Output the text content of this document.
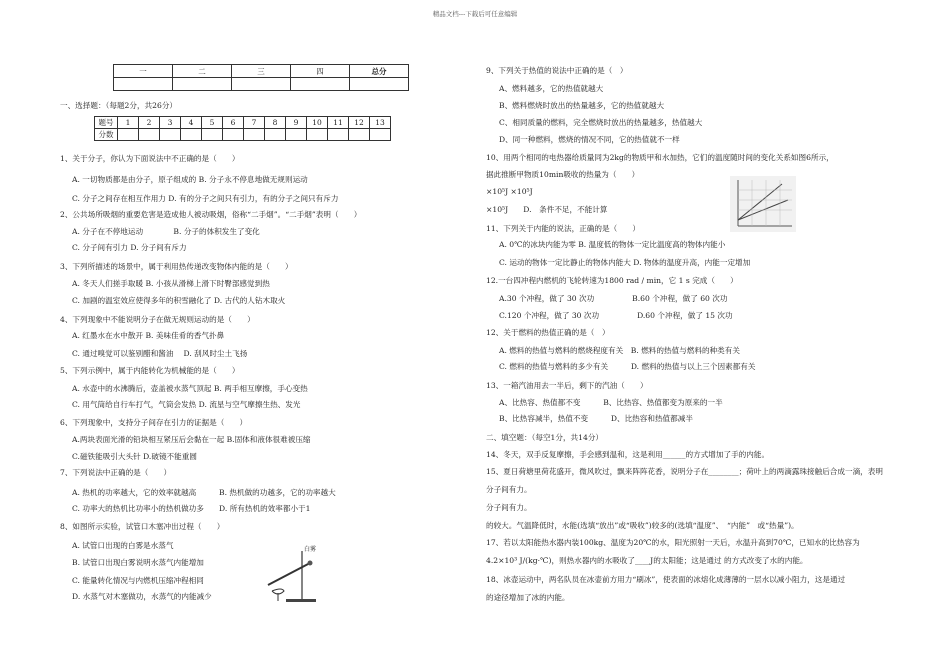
精品文档---下载后可任意编辑
一	二	三	四	总分

一、选择题：（每题2分，共26分）
题号	1	2	3	4	5	6	7	8	9	10	11	12	13
分数													
1、关于分子，你认为下面说法中不正确的是（　　）
A. 一切物质都是由分子，原子组成的 B. 分子永不停息地做无规则运动
C. 分子之间存在相互作用力 D. 有的分子之间只有引力，有的分子之间只有斥力
2、公共场所吸烟的重要危害是造成他人被动吸烟，俗称“二手烟”。“二手烟”表明（　　）
A. 分子在不停地运动　　　　B. 分子的体积发生了变化
C. 分子间有引力 D. 分子间有斥力
3、下列所描述的场景中，属于利用热传递改变物体内能的是（　　）
A. 冬天人们搓手取暖 B. 小孩从滑梯上滑下时臀部感觉到热
C. 加剧的温室效应使得多年的积雪融化了 D. 古代的人钻木取火
4、下列现象中不能说明分子在做无规则运动的是（　　）
A. 红墨水在水中散开 B. 美味佳肴的香气扑鼻
C. 通过嗅觉可以鉴别醋和酱油　 D. 刮风时尘土飞扬
5、下列示例中，属于内能转化为机械能的是（　　）
A. 水壶中的水沸腾后，壶盖被水蒸气顶起 B. 两手相互摩擦，手心变热
C. 用气筒给自行车打气，气筒会发热 D. 流星与空气摩擦生热、发光
6、下列现象中，支持分子间存在引力的证据是（　　）
A.两块表面光滑的铅块相互紧压后会黏在一起 B.固体和液体很难被压缩
C.磁铁能吸引大头针 D.破镜不能重圆
7、下列说法中正确的是（　　）
A. 热机的功率越大，它的效率就越高　　　B. 热机做的功越多，它的功率越大
C. 功率大的热机比功率小的热机做功多　　D. 所有热机的效率都小于1
8、如图所示实验，试管口木塞冲出过程（　　）
A. 试管口出现的白雾是水蒸气
B. 试管口出现白雾说明水蒸气内能增加
C. 能量转化情况与内燃机压缩冲程相同
D. 水蒸气对木塞做功，水蒸气的内能减少
白雾
9、下列关于热值的说法中正确的是（　）
A、燃料越多，它的热值就越大
B、燃料燃烧时放出的热量越多，它的热值就越大
C、相同质量的燃料，完全燃烧时放出的热量越多，热值越大
D、同一种燃料，燃烧的情况不同，它的热值就不一样
10、用两个相同的电热器给质量同为2kg的物质甲和水加热，它们的温度随时间的变化关系如图6所示，
据此推断甲物质10min吸收的热量为（　　）
×10⁵J ×10⁵J
×10⁵J　　D.　条件不足，不能计算
11、下列关于内能的说法，正确的是（　　）
A. 0℃的冰块内能为零 B. 温度低的物体一定比温度高的物体内能小
C. 运动的物体一定比静止的物体内能大 D. 物体的温度升高，内能一定增加
12.一台四冲程内燃机的飞轮转速为1800 rad / min，它 1 s 完成（　　）
A.30 个冲程，做了 30 次功　　　　　B.60 个冲程，做了 60 次功
C.120 个冲程，做了 30 次功　　　　　D.60 个冲程，做了 15 次功
12、关于燃料的热值正确的是（　）
A. 燃料的热值与燃料的燃烧程度有关　B. 燃料的热值与燃料的种类有关
C. 燃料的热值与燃料的多少有关　　　D. 燃料的热值与以上三个因素都有关
13、一箱汽油用去一半后，剩下的汽油（　　）
A、比热容、热值都不变　　　B、比热容、热值都变为原来的一半
B、比热容减半，热值不变　　　D、比热容和热值都减半
二、填空题：（每空1分，共14分）
14、冬天，双手反复摩擦，手会感到温和，这是利用______的方式增加了手的内能。
15、夏日荷塘里荷花盛开，微风吹过，飘来阵阵花香，说明分子在________；荷叶上的两滴露珠接触后合成一滴，表明
分子间有力。
分子间有力。
的较大。气温降低时，水能(选填“放出”或“吸收”)较多的(选填“温度”、　“内能”　或“热量”)。
17、若以太阳能热水器内装100kg、温度为20℃的水，阳光照射一天后，水温升高到70℃，已知水的比热容为
4.2×10³ J/(kg·℃)，则热水器内的水吸收了____J的太阳能；这是通过 的方式改变了水的内能。
18、冰壶运动中，两名队员在冰壶前方用力“刷冰”，使表面的冰熔化成薄薄的一层水以减小阻力，这是通过
的途径增加了冰的内能。
